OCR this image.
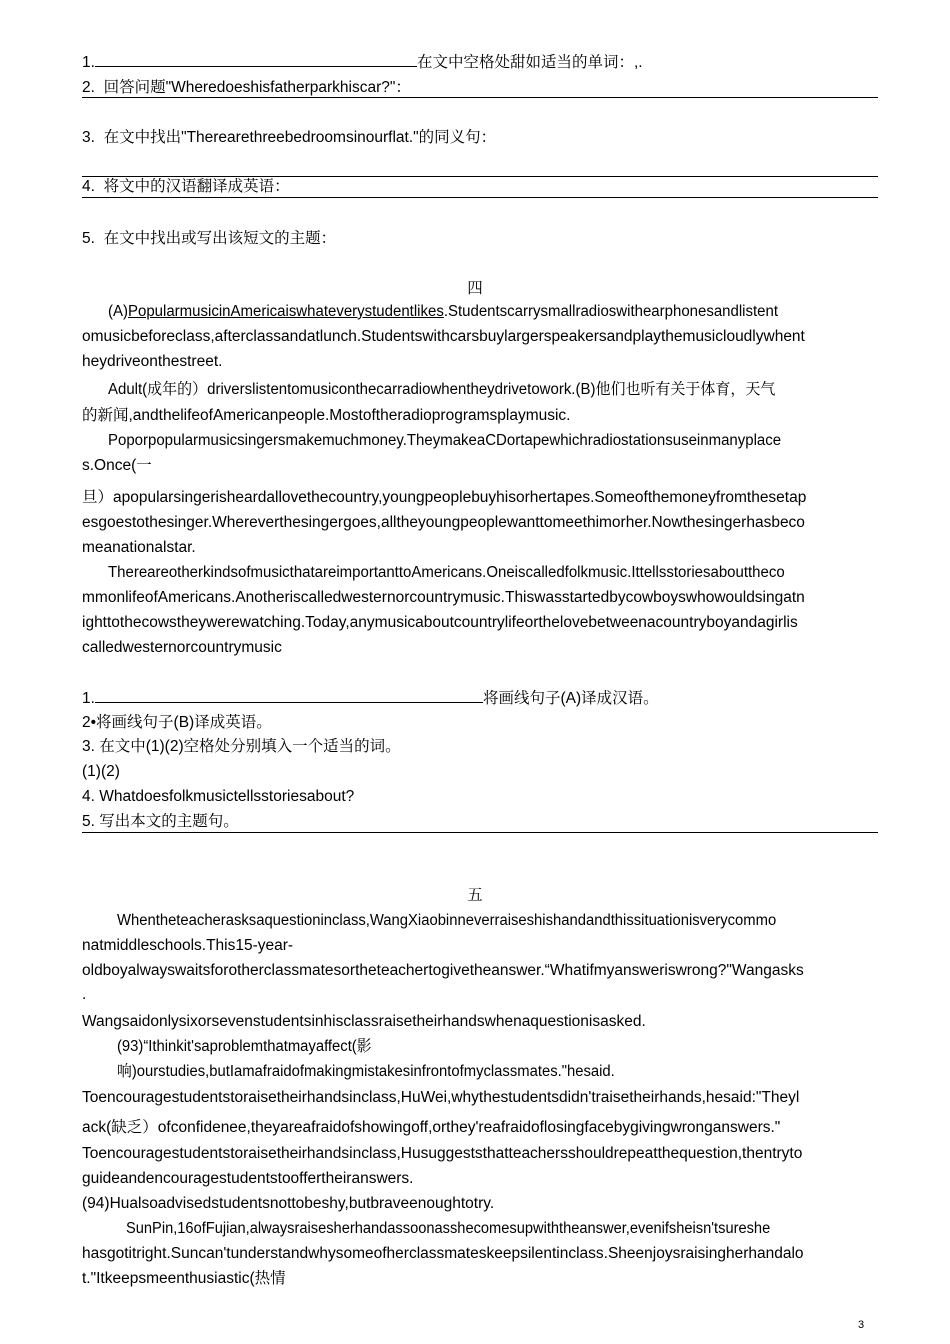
1.	在文中空格处甜如适当的单词：,.
2. 回答问题"Wheredoeshisfatherparkhiscar?"：
3. 在文中找出"Therearethreebedroomsinourflat."的同义句：
4. 将文中的汉语翻译成英语：
5. 在文中找出或写出该短文的主题：
四
(A)PopularmusicinAmericaiswhateverystudentlikes.Studentscarrysmallradioswithearphonesandlistent
omusicbeforeclass,afterclassandatlunch.Studentswithcarsbuylargerspeakersandplaythemusicloudlywhent
heydriveonthestreet.
Adult(成年的）driverslistentomusiconthecarradiowhentheydrivetowork.(B)他们也听有关于体育，天气
的新闻,andthelifeofAmericanpeople.Mostoftheradioprogramsplaymusic.
Poporpopularmusicsingersmakemuchmoney.TheymakeaCDortapewhichradiostationsuseinmanyplace
s.Once(一
旦）apopularsingerisheardallovethecountry,youngpeoplebuyhisorhertapes.Someofthemoneyfromthesetap
esgoestothesinger.Whereverthesingergoes,alltheyoungpeoplewanttomeethimorher.Nowthesingerhasbeco
meanationalstar.
ThereareotherkindsofmusicthatareimportanttoAmericans.Oneiscalledfolkmusic.Ittellsstoriesaboutthecо
mmonlifeofAmericans.Anotheriscalledwesternorcountrymusic.Thiswasstartedbycowboyswhowouldsingatn
ighttothecowstheywerewatching.Today,anymusicaboutcountrylifeorthelovebetweenacountryboyandagirlis
calledwesternorcountrymusic
1.	将画线句子(A)译成汉语。
2•将画线句子(B)译成英语。
3. 在文中(1)(2)空格处分别填入一个适当的词。
(1)(2)
4. Whatdoesfolkmusictellsstoriesabout?
5. 写出本文的主题句。
五
Whentheteacherasksaquestioninclass,WangXiaobinneverraiseshishandandthissituationisverycommo
natmiddleschools.This15-year-
oldboyalwayswaitsforotherclassmatesortheteachertogivetheanswer.“Whatifmyansweriswrong?"Wangasks
.
Wangsaidonlysixorsevenstudentsinhisclassraisetheirhandswhenaquestionisasked.
(93)“Ithinkit'saproblemthatmayaffect(影
响)ourstudies,butIamafraidofmakingmistakesinfrontofmyclassmates."hesaid.
Toencouragestudentstoraisetheirhandsinclass,HuWei,whythestudentsdidn'traisetheirhands,hesaid:"Theyl
ack(缺乏）ofconfidenee,theyareafraidofshowingoff,orthey'reafraidoflosingfacebygivingwronganswers."
Toencouragestudentstoraisetheirhandsinclass,Husuggeststhatteachersshouldrepeatthequestion,thentryto
guideandencouragestudentstooffertheiranswers.
(94)Hualsoadvisedstudentsnottobeshy,butbraveenoughtotry.
SunPin,16ofFujian,alwaysraisesherhandassoonasshecomesupwiththeanswer,evenifsheisn'tsureshe
hasgotitright.Suncan'tunderstandwhysomeofherclassmateskeepsilentinclass.Sheenjoysraisingherhandalo
t."Itkeepsmeenthusiastic(热情
3
